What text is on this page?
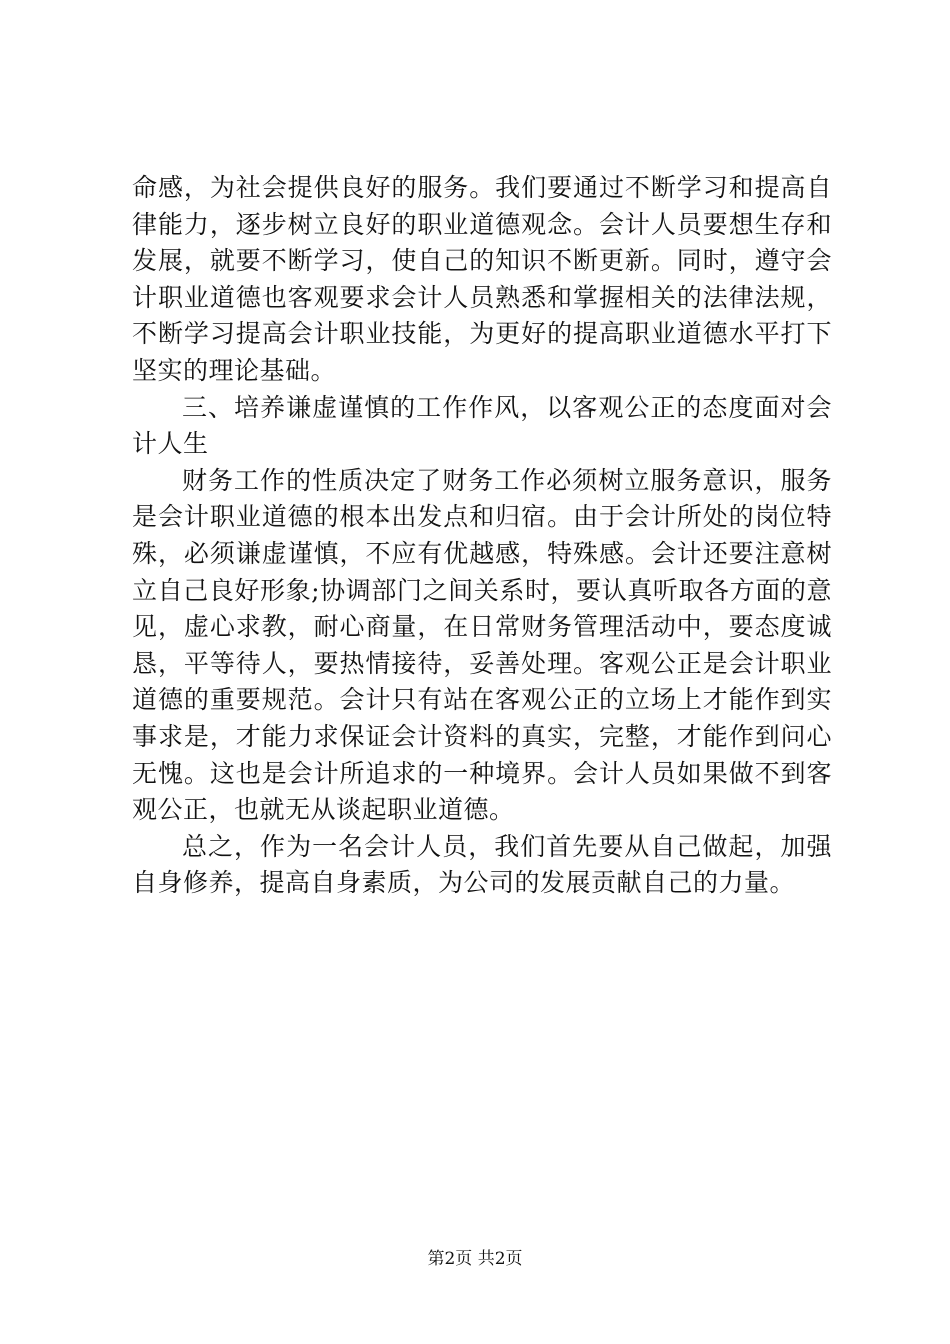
命感，为社会提供良好的服务。我们要通过不断学习和提高自
律能力，逐步树立良好的职业道德观念。会计人员要想生存和
发展，就要不断学习，使自己的知识不断更新。同时，遵守会
计职业道德也客观要求会计人员熟悉和掌握相关的法律法规，
不断学习提高会计职业技能，为更好的提高职业道德水平打下
坚实的理论基础。
三、培养谦虚谨慎的工作作风，以客观公正的态度面对会
计人生
财务工作的性质决定了财务工作必须树立服务意识，服务
是会计职业道德的根本出发点和归宿。由于会计所处的岗位特
殊，必须谦虚谨慎，不应有优越感，特殊感。会计还要注意树
立自己良好形象;协调部门之间关系时，要认真听取各方面的意
见，虚心求教，耐心商量，在日常财务管理活动中，要态度诚
恳，平等待人，要热情接待，妥善处理。客观公正是会计职业
道德的重要规范。会计只有站在客观公正的立场上才能作到实
事求是，才能力求保证会计资料的真实，完整，才能作到问心
无愧。这也是会计所追求的一种境界。会计人员如果做不到客
观公正，也就无从谈起职业道德。
总之，作为一名会计人员，我们首先要从自己做起，加强
自身修养，提高自身素质，为公司的发展贡献自己的力量。
第2页 共2页
